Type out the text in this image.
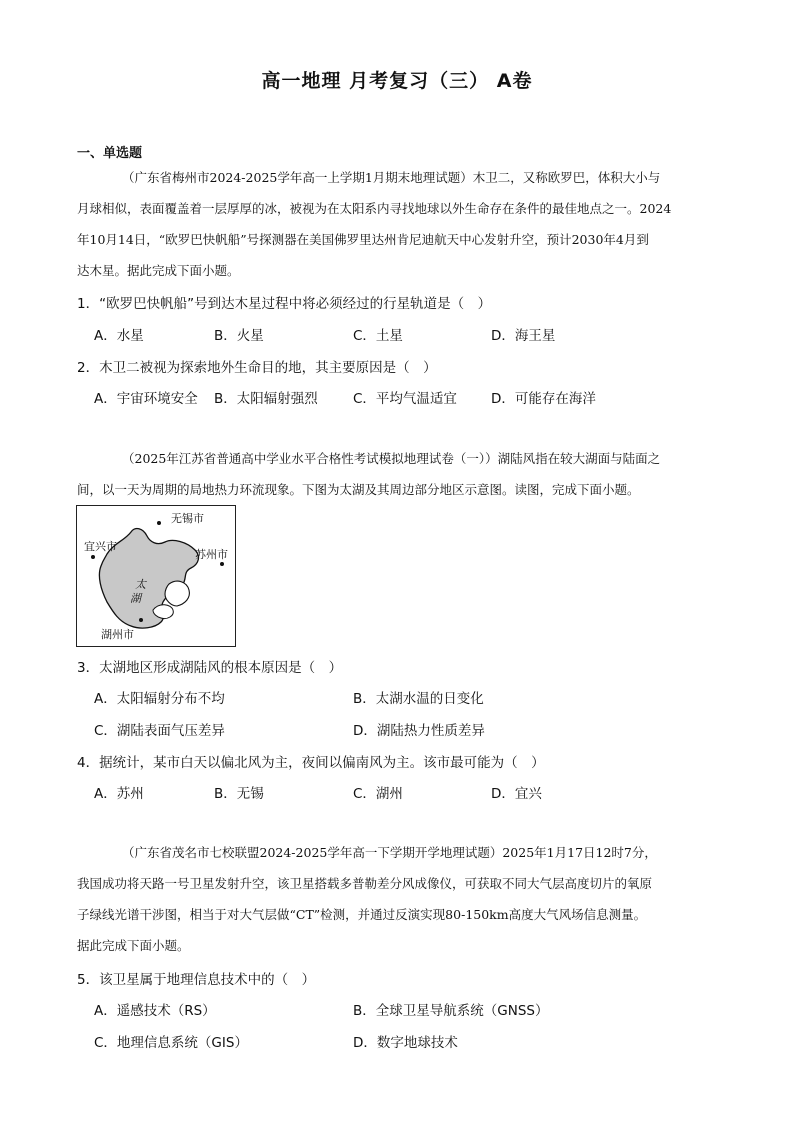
高一地理 月考复习（三） A卷
一、单选题
（广东省梅州市2024-2025学年高一上学期1月期末地理试题）木卫二，又称欧罗巴，体积大小与
月球相似，表面覆盖着一层厚厚的冰，被视为在太阳系内寻找地球以外生命存在条件的最佳地点之一。2024
年10月14日，“欧罗巴快帆船”号探测器在美国佛罗里达州肯尼迪航天中心发射升空，预计2030年4月到
达木星。据此完成下面小题。
1．“欧罗巴快帆船”号到达木星过程中将必须经过的行星轨道是（　）
A．水星	B．火星	C．土星	D．海王星
2．木卫二被视为探索地外生命目的地，其主要原因是（　）
A．宇宙环境安全 B．太阳辐射强烈	C．平均气温适宜	D．可能存在海洋
（2025年江苏省普通高中学业水平合格性考试模拟地理试卷（一））湖陆风指在较大湖面与陆面之
间，以一天为周期的局地热力环流现象。下图为太湖及其周边部分地区示意图。读图，完成下面小题。
无锡市
宜兴市
苏州市
湖州市
太
湖
3．太湖地区形成湖陆风的根本原因是（　）
A．太阳辐射分布不均	B．太湖水温的日变化
C．湖陆表面气压差异	D．湖陆热力性质差异
4．据统计，某市白天以偏北风为主，夜间以偏南风为主。该市最可能为（　）
A．苏州	B．无锡	C．湖州	D．宜兴
（广东省茂名市七校联盟2024-2025学年高一下学期开学地理试题）2025年1月17日12时7分，
我国成功将天路一号卫星发射升空，该卫星搭载多普勒差分风成像仪，可获取不同大气层高度切片的氧原
子绿线光谱干涉图，相当于对大气层做“CT”检测，并通过反演实现80-150km高度大气风场信息测量。
据此完成下面小题。
5．该卫星属于地理信息技术中的（　）
A．遥感技术（RS）	B．全球卫星导航系统（GNSS）
C．地理信息系统（GIS）	D．数字地球技术
